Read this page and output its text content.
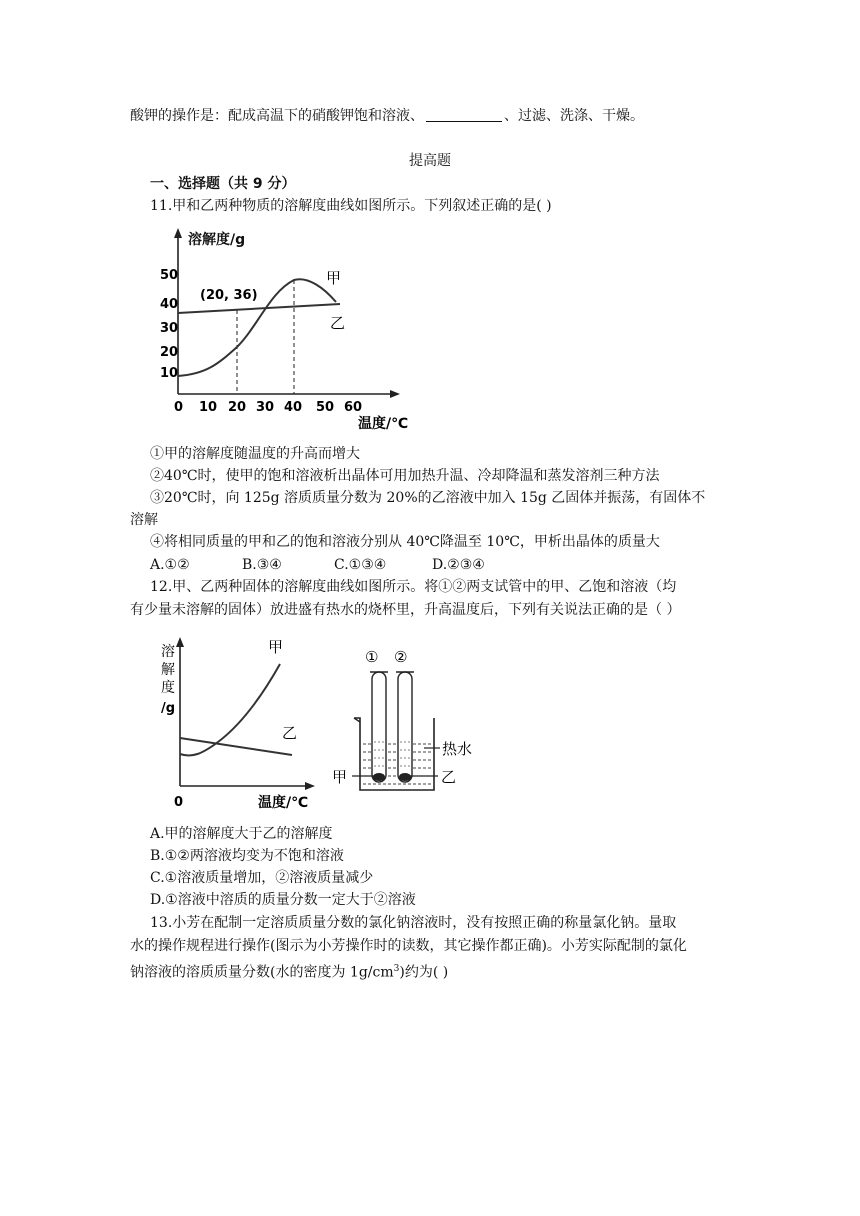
酸钾的操作是：配成高温下的硝酸钾饱和溶液、	、过滤、洗涤、干燥。
提高题
一、选择题（共 9 分）
11.甲和乙两种物质的溶解度曲线如图所示。下列叙述正确的是( )
溶解度/g
50
40
30
20
10
0 10 20 30 40 50 60
温度/℃
(20, 36)
甲
乙
①甲的溶解度随温度的升高而增大
②40℃时，使甲的饱和溶液析出晶体可用加热升温、冷却降温和蒸发溶剂三种方法
③20℃时，向 125g 溶质质量分数为 20%的乙溶液中加入 15g 乙固体并振荡，有固体不
溶解
④将相同质量的甲和乙的饱和溶液分别从 40℃降温至 10℃，甲析出晶体的质量大
A.①②	B.③④	C.①③④	D.②③④
12.甲、乙两种固体的溶解度曲线如图所示。将①②两支试管中的甲、乙饱和溶液（均
有少量未溶解的固体）放进盛有热水的烧杯里，升高温度后，下列有关说法正确的是（ ）
溶
解
度
/g
0	温度/℃
甲
乙
① ②
热水
甲	乙
A.甲的溶解度大于乙的溶解度
B.①②两溶液均变为不饱和溶液
C.①溶液质量增加，②溶液质量减少
D.①溶液中溶质的质量分数一定大于②溶液
13.小芳在配制一定溶质质量分数的氯化钠溶液时，没有按照正确的称量氯化钠。量取
水的操作规程进行操作(图示为小芳操作时的读数，其它操作都正确)。小芳实际配制的氯化
钠溶液的溶质质量分数(水的密度为 $1g/cm^3$)约为( )
